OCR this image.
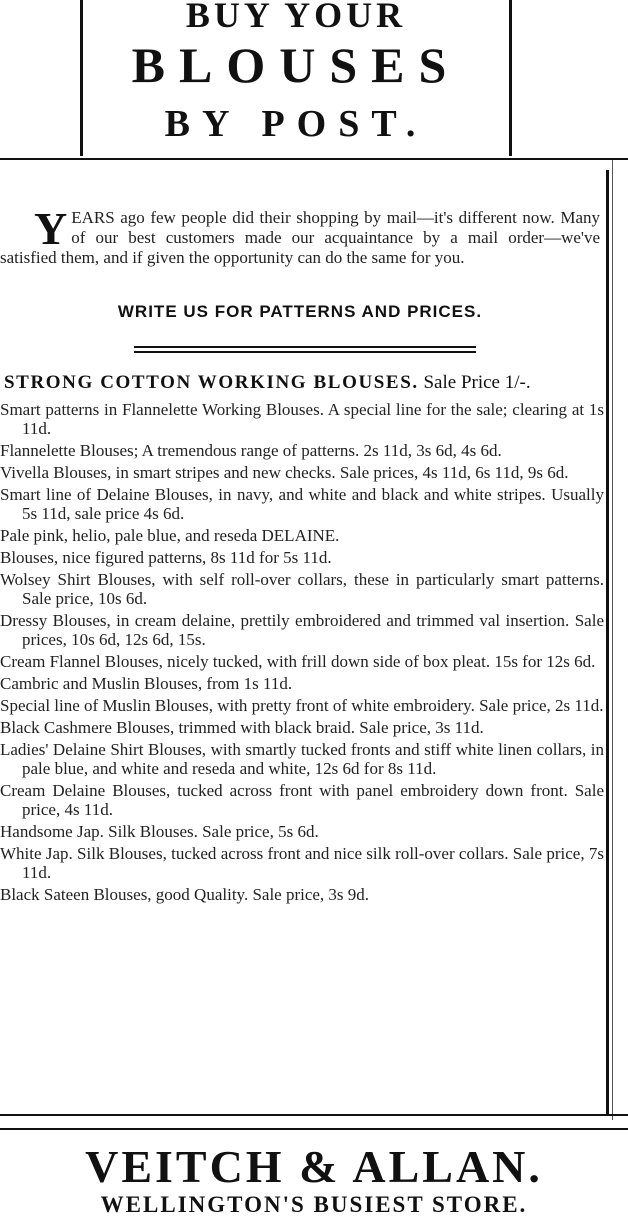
BUY YOUR
BLOUSES
BY POST.
YEARS ago few people did their shopping by mail—it's different now. Many of our best customers made our acquaintance by a mail order—we've satisfied them, and if given the opportunity can do the same for you.
WRITE US FOR PATTERNS AND PRICES.
STRONG COTTON WORKING BLOUSES. Sale Price 1/-.
Smart patterns in Flannelette Working Blouses. A special line for the sale; clearing at 1s 11d.
Flannelette Blouses; A tremendous range of patterns. 2s 11d, 3s 6d, 4s 6d.
Vivella Blouses, in smart stripes and new checks. Sale prices, 4s 11d, 6s 11d, 9s 6d.
Smart line of Delaine Blouses, in navy, and white and black and white stripes. Usually 5s 11d, sale price 4s 6d.
Pale pink, helio, pale blue, and reseda DELAINE.
Blouses, nice figured patterns, 8s 11d for 5s 11d.
Wolsey Shirt Blouses, with self roll-over collars, these in particularly smart patterns. Sale price, 10s 6d.
Dressy Blouses, in cream delaine, prettily embroidered and trimmed val insertion. Sale prices, 10s 6d, 12s 6d, 15s.
Cream Flannel Blouses, nicely tucked, with frill down side of box pleat. 15s for 12s 6d.
Cambric and Muslin Blouses, from 1s 11d.
Special line of Muslin Blouses, with pretty front of white embroidery. Sale price, 2s 11d.
Black Cashmere Blouses, trimmed with black braid. Sale price, 3s 11d.
Ladies' Delaine Shirt Blouses, with smartly tucked fronts and stiff white linen collars, in pale blue, and white and reseda and white, 12s 6d for 8s 11d.
Cream Delaine Blouses, tucked across front with panel embroidery down front. Sale price, 4s 11d.
Handsome Jap. Silk Blouses. Sale price, 5s 6d.
White Jap. Silk Blouses, tucked across front and nice silk roll-over collars. Sale price, 7s 11d.
Black Sateen Blouses, good Quality. Sale price, 3s 9d.
VEITCH & ALLAN.
WELLINGTON'S BUSIEST STORE.
